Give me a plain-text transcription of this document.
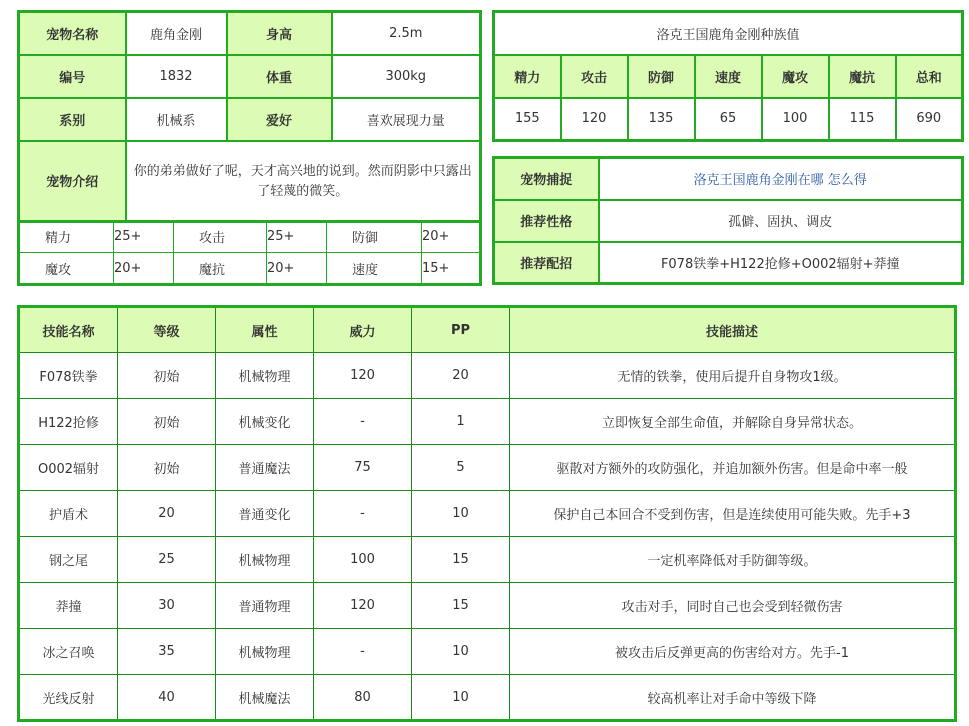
宠物名称	鹿角金刚	身高	2.5m
编号	1832	体重	300kg
系别	机械系	爱好	喜欢展现力量
宠物介绍	你的弟弟做好了呢，天才高兴地的说到。然而阴影中只露出了轻蔑的微笑。		
精力	25+	攻击	25+	防御	20+
魔攻	20+	魔抗	20+	速度	15+
洛克王国鹿角金刚种族值						
精力	攻击	防御	速度	魔攻	魔抗	总和
155	120	135	65	100	115	690
宠物捕捉	洛克王国鹿角金刚在哪 怎么得
推荐性格	孤僻、固执、调皮
推荐配招	F078铁拳+H122抢修+O002辐射+莽撞
技能名称	等级	属性	威力	PP	技能描述
F078铁拳	初始	机械物理	120	20	无情的铁拳，使用后提升自身物攻1级。
H122抢修	初始	机械变化	-	1	立即恢复全部生命值，并解除自身异常状态。
O002辐射	初始	普通魔法	75	5	驱散对方额外的攻防强化，并追加额外伤害。但是命中率一般
护盾术	20	普通变化	-	10	保护自己本回合不受到伤害，但是连续使用可能失败。先手+3
钢之尾	25	机械物理	100	15	一定机率降低对手防御等级。
莽撞	30	普通物理	120	15	攻击对手，同时自己也会受到轻微伤害
冰之召唤	35	机械物理	-	10	被攻击后反弹更高的伤害给对方。先手-1
光线反射	40	机械魔法	80	10	较高机率让对手命中等级下降
